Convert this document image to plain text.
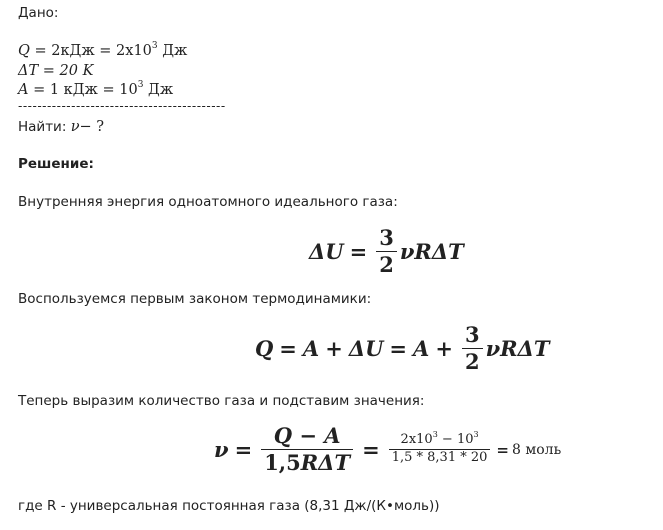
Дано:
$Q = 2кДж = 2х10^3$ Дж
ΔT = 20 K
A = 1 кДж = $10^3$ Дж
-------------------------------------------
Найти: ν− ?
Решение:
Внутренняя энергия одноатомного идеального газа:
$\Delta U = \frac{3}{2}$ νRΔT
Воспользуемся первым законом термодинамики:
$Q = A + \Delta U = A + \frac{3}{2}$ νRΔT
Теперь выразим количество газа и подставим значения:
$\nu = \frac{Q - A}{\text{1,5RΔT}} = \frac{2х10^3 - 10^3}{1,5 * 8,31 * 20} = 8$ моль
где R - универсальная постоянная газа (8,31 Дж/(К•моль))
